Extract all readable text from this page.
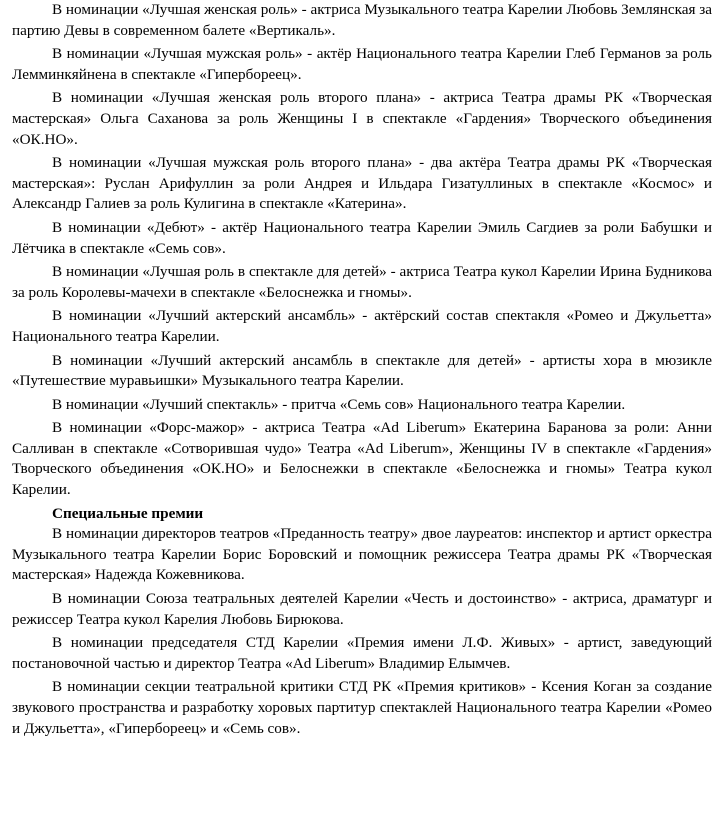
В номинации «Лучшая женская роль» - актриса Музыкального театра Карелии Любовь Землянская за партию Девы в современном балете «Вертикаль».

В номинации «Лучшая мужская роль» - актёр Национального театра Карелии Глеб Германов за роль Лемминкяйнена в спектакле «Гипербореец».

В номинации «Лучшая женская роль второго плана» - актриса Театра драмы РК «Творческая мастерская» Ольга Саханова за роль Женщины I в спектакле «Гардения» Творческого объединения «ОК.НО».

В номинации «Лучшая мужская роль второго плана» - два актёра Театра драмы РК «Творческая мастерская»: Руслан Арифуллин за роли Андрея и Ильдара Гизатуллиных в спектакле «Космос» и Александр Галиев за роль Кулигина в спектакле «Катерина».

В номинации «Дебют» - актёр Национального театра Карелии Эмиль Сагдиев за роли Бабушки и Лётчика в спектакле «Семь сов».

В номинации «Лучшая роль в спектакле для детей» - актриса Театра кукол Карелии Ирина Будникова за роль Королевы-мачехи в спектакле «Белоснежка и гномы».

В номинации «Лучший актерский ансамбль» - актёрский состав спектакля «Ромео и Джульетта» Национального театра Карелии.

В номинации «Лучший актерский ансамбль в спектакле для детей» - артисты хора в мюзикле «Путешествие муравьишки» Музыкального театра Карелии.

В номинации «Лучший спектакль» - притча «Семь сов» Национального театра Карелии.

В номинации «Форс-мажор» - актриса Театра «Ad Liberum» Екатерина Баранова за роли: Анни Салливан в спектакле «Сотворившая чудо» Театра «Ad Liberum», Женщины IV в спектакле «Гардения» Творческого объединения «ОК.НО» и Белоснежки в спектакле «Белоснежка и гномы» Театра кукол Карелии.

Специальные премии

В номинации директоров театров «Преданность театру» двое лауреатов: инспектор и артист оркестра Музыкального театра Карелии Борис Боровский и помощник режиссера Театра драмы РК «Творческая мастерская» Надежда Кожевникова.

В номинации Союза театральных деятелей Карелии «Честь и достоинство» - актриса, драматург и режиссер Театра кукол Карелия Любовь Бирюкова.

В номинации председателя СТД Карелии «Премия имени Л.Ф. Живых» - артист, заведующий постановочной частью и директор Театра «Ad Liberum» Владимир Елымчев.

В номинации секции театральной критики СТД РК «Премия критиков» - Ксения Коган за создание звукового пространства и разработку хоровых партитур спектаклей Национального театра Карелии «Ромео и Джульетта», «Гипербореец» и «Семь сов».
